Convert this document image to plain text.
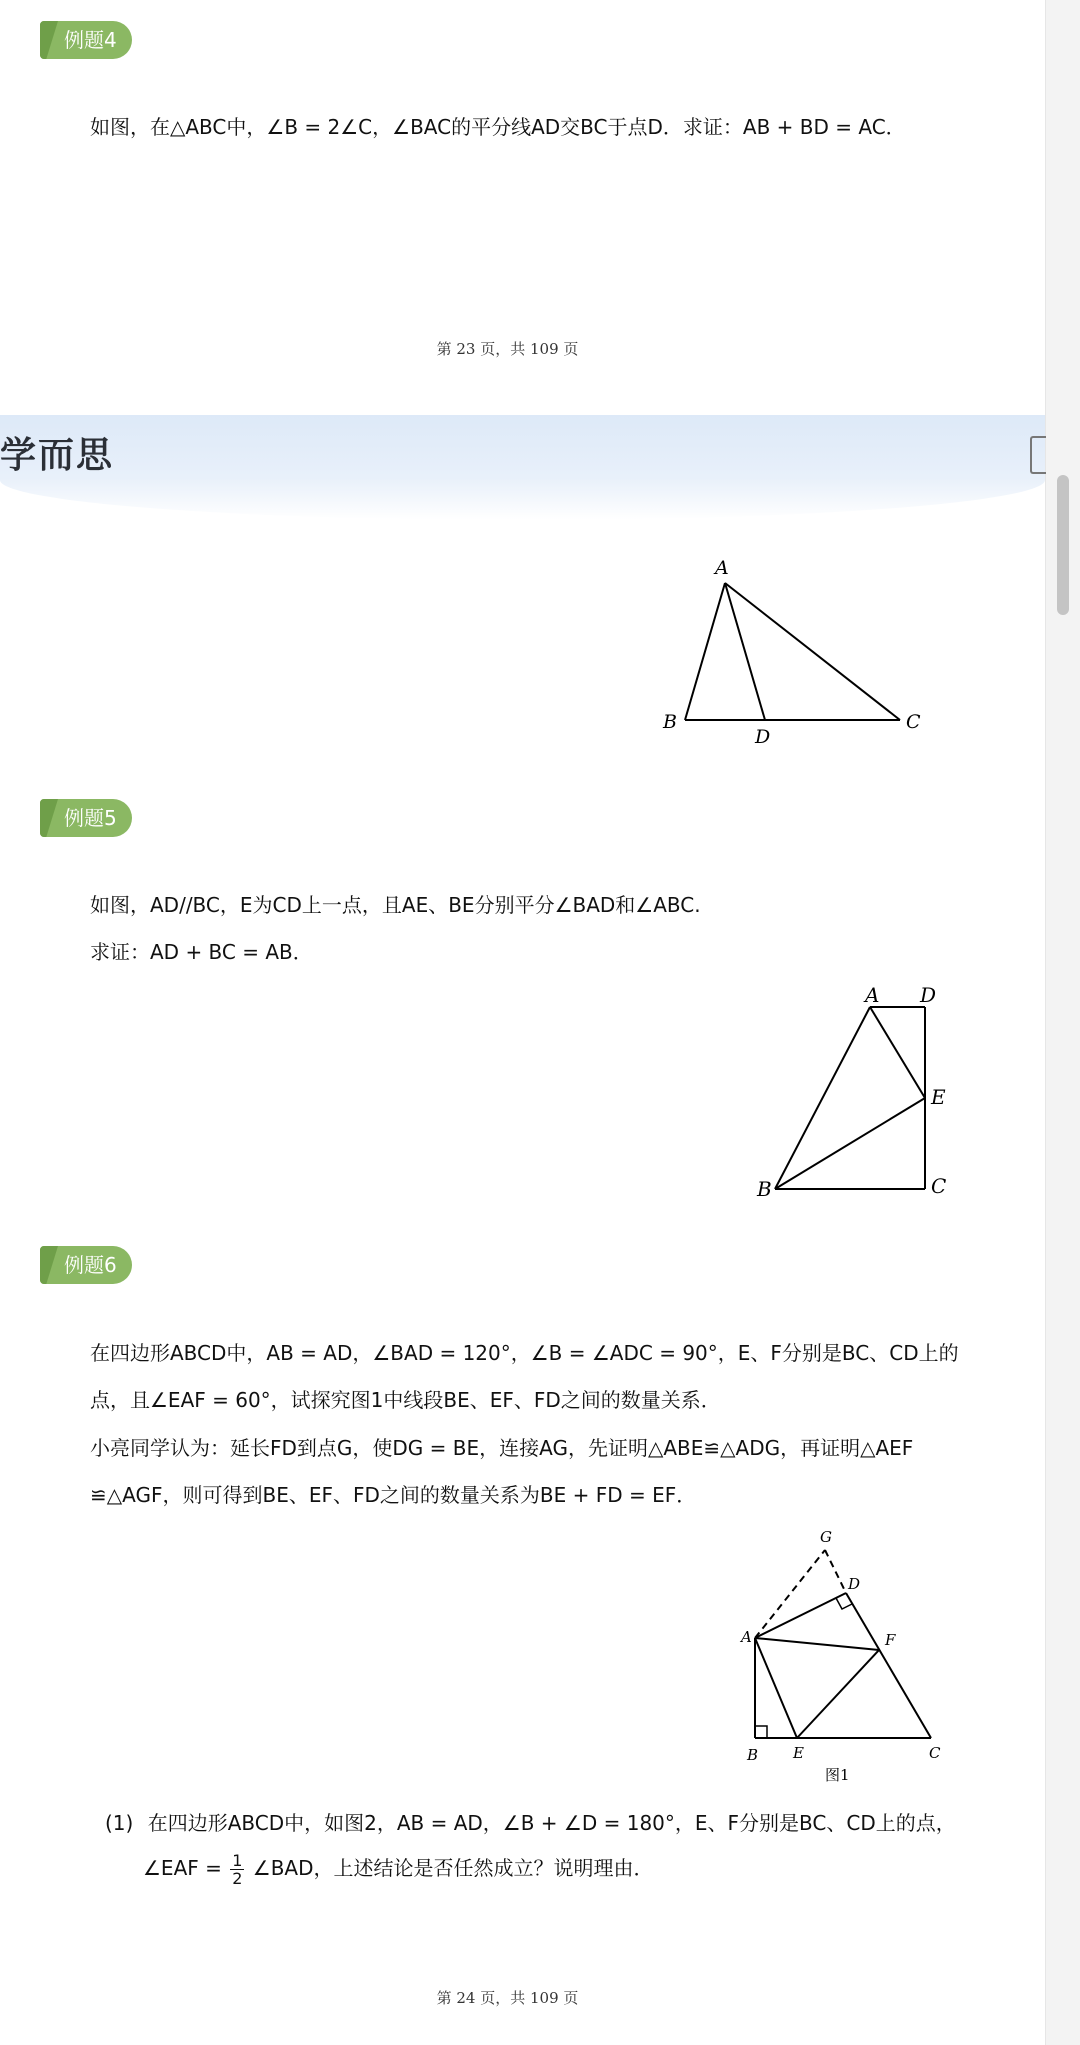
例题4
如图，在△ABC中，∠B = 2∠C，∠BAC的平分线AD交BC于点D．求证：AB + BD = AC．
第 23 页，共 109 页
学而思
A
B
D
C
例题5
如图，AD//BC，E为CD上一点，且AE、BE分别平分∠BAD和∠ABC.
求证：AD + BC = AB．
A D
E
B	C
例题6
在四边形ABCD中，AB = AD，∠BAD = 120°，∠B = ∠ADC = 90°，E、F分别是BC、CD上的
点，且∠EAF = 60°，试探究图1中线段BE、EF、FD之间的数量关系．
小亮同学认为：延长FD到点G，使DG = BE，连接AG，先证明△ABE≌△ADG，再证明△AEF
≌△AGF，则可得到BE、EF、FD之间的数量关系为BE + FD = EF．
G
D
A	F
B E	C
图1
(1) 在四边形ABCD中，如图2，AB = AD，∠B + ∠D = 180°，E、F分别是BC、CD上的点，
∠EAF = $\frac{1}{2}$ ∠BAD，上述结论是否任然成立？说明理由．
第 24 页，共 109 页
